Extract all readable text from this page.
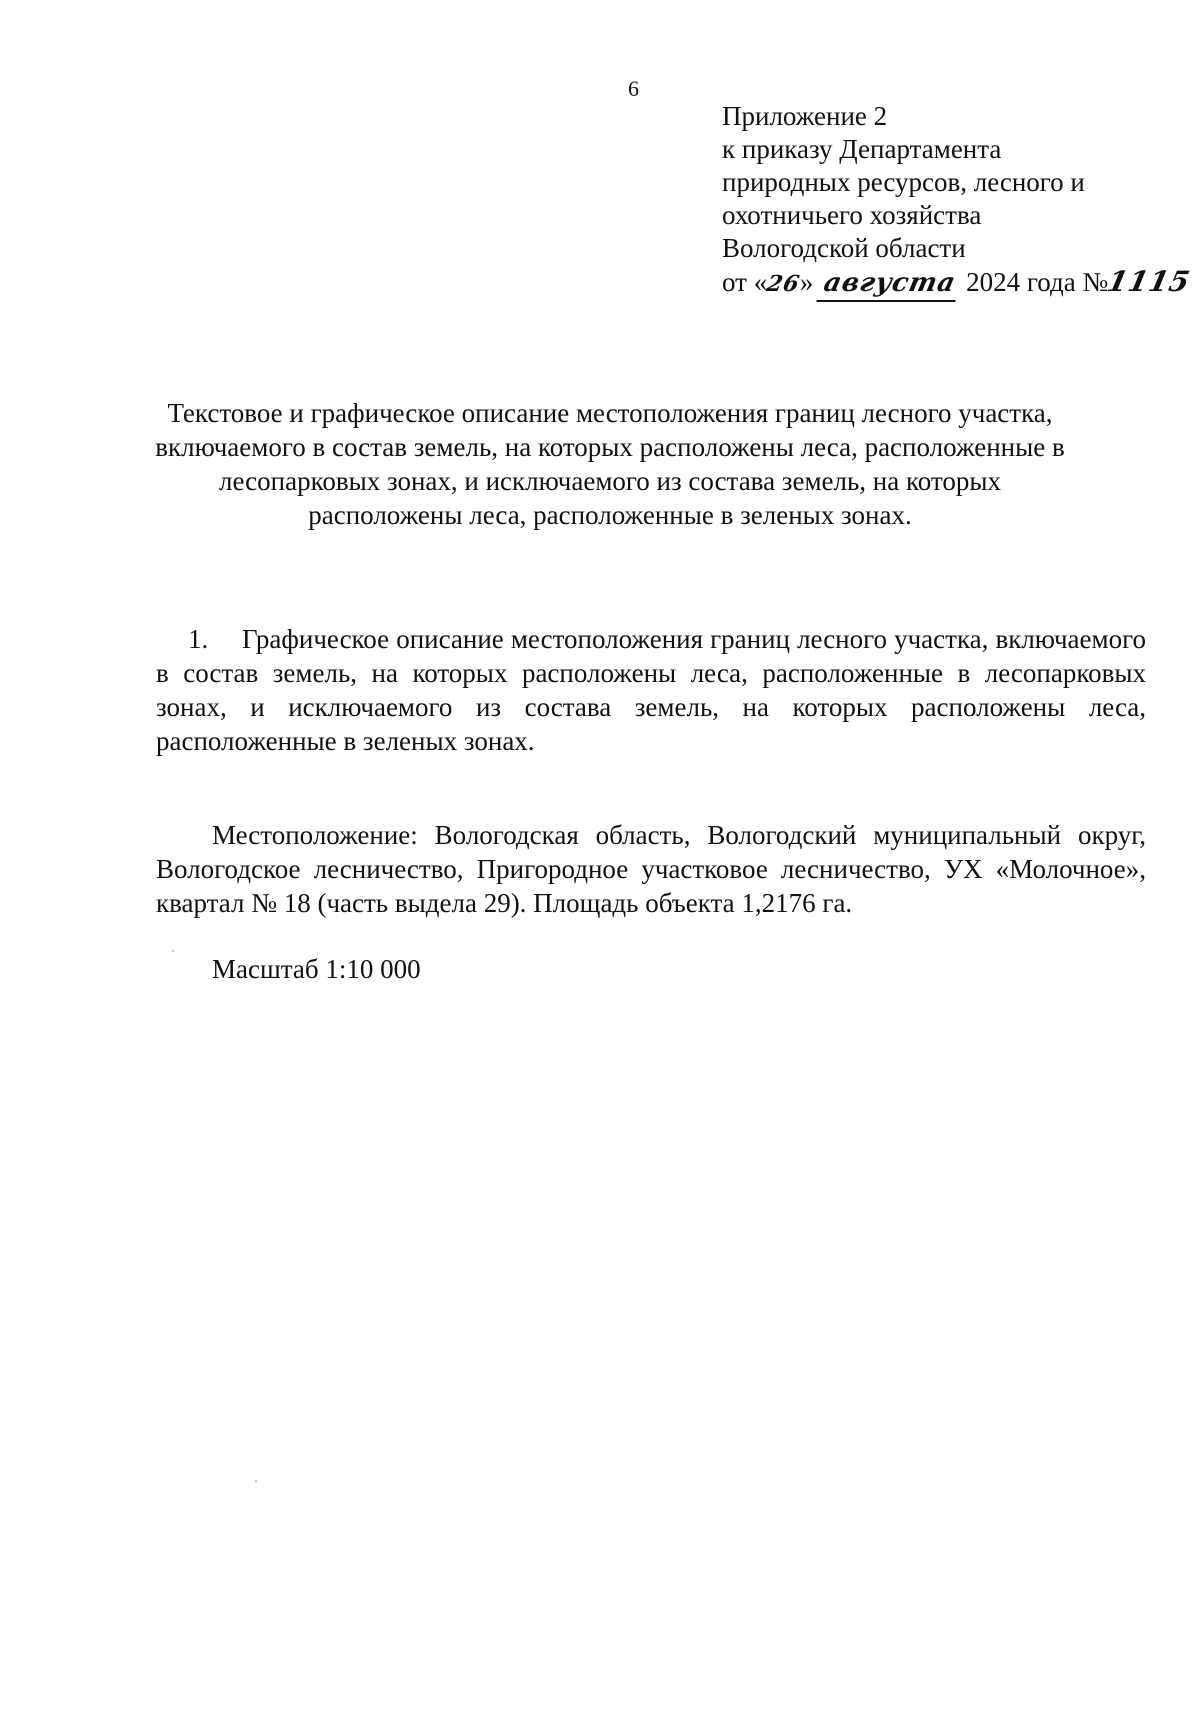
6
Приложение 2
к приказу Департамента
природных ресурсов, лесного и
охотничьего хозяйства
Вологодской области
от «26» августа 2024 года №1115
Текстовое и графическое описание местоположения границ лесного участка, включаемого в состав земель, на которых расположены леса, расположенные в лесопарковых зонах, и исключаемого из состава земель, на которых расположены леса, расположенные в зеленых зонах.
1. Графическое описание местоположения границ лесного участка, включаемого в состав земель, на которых расположены леса, расположенные в лесопарковых зонах, и исключаемого из состава земель, на которых расположены леса, расположенные в зеленых зонах.
Местоположение: Вологодская область, Вологодский муниципальный округ, Вологодское лесничество, Пригородное участковое лесничество, УХ «Молочное», квартал № 18 (часть выдела 29). Площадь объекта 1,2176 га.
Масштаб 1:10 000
